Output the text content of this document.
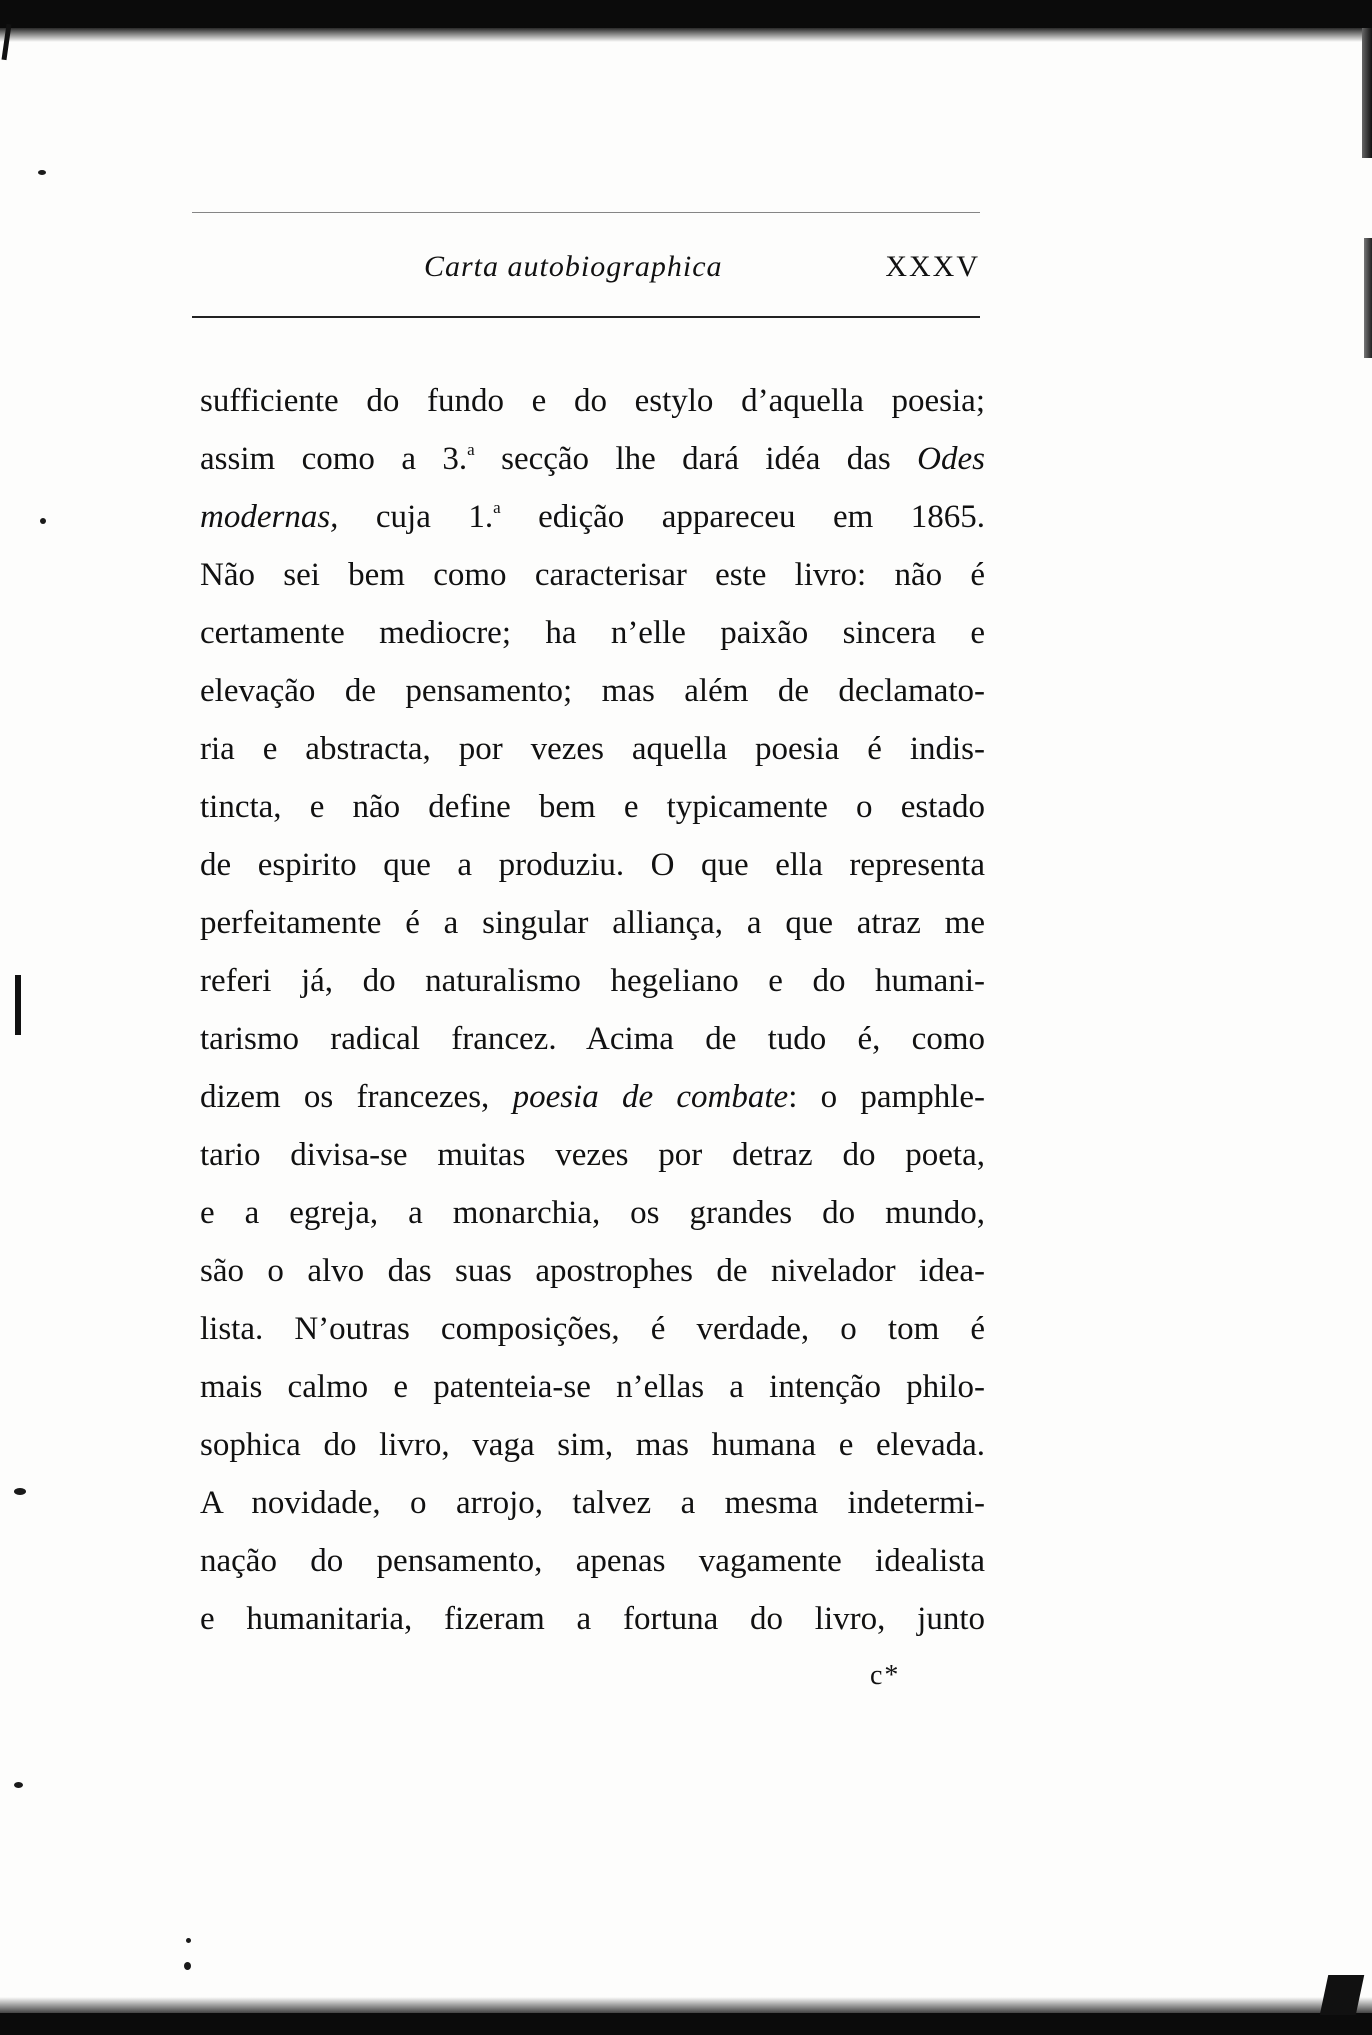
Carta autobiographica	XXXV
sufficiente do fundo e do estylo d’aquella poesia;
assim como a 3.$^a$ secção lhe dará idéa das Odes
modernas, cuja 1.$^a$ edição appareceu em 1865.
Não sei bem como caracterisar este livro: não é
certamente mediocre; ha n’elle paixão sincera e
elevação de pensamento; mas além de declamato-
ria e abstracta, por vezes aquella poesia é indis-
tincta, e não define bem e typicamente o estado
de espirito que a produziu. O que ella representa
perfeitamente é a singular alliança, a que atraz me
referi já, do naturalismo hegeliano e do humani-
tarismo radical francez. Acima de tudo é, como
dizem os francezes, poesia de combate: o pamphle-
tario divisa-se muitas vezes por detraz do poeta,
e a egreja, a monarchia, os grandes do mundo,
são o alvo das suas apostrophes de nivelador idea-
lista. N’outras composições, é verdade, o tom é
mais calmo e patenteia-se n’ellas a intenção philo-
sophica do livro, vaga sim, mas humana e elevada.
A novidade, o arrojo, talvez a mesma indetermi-
nação do pensamento, apenas vagamente idealista
e humanitaria, fizeram a fortuna do livro, junto
c*
